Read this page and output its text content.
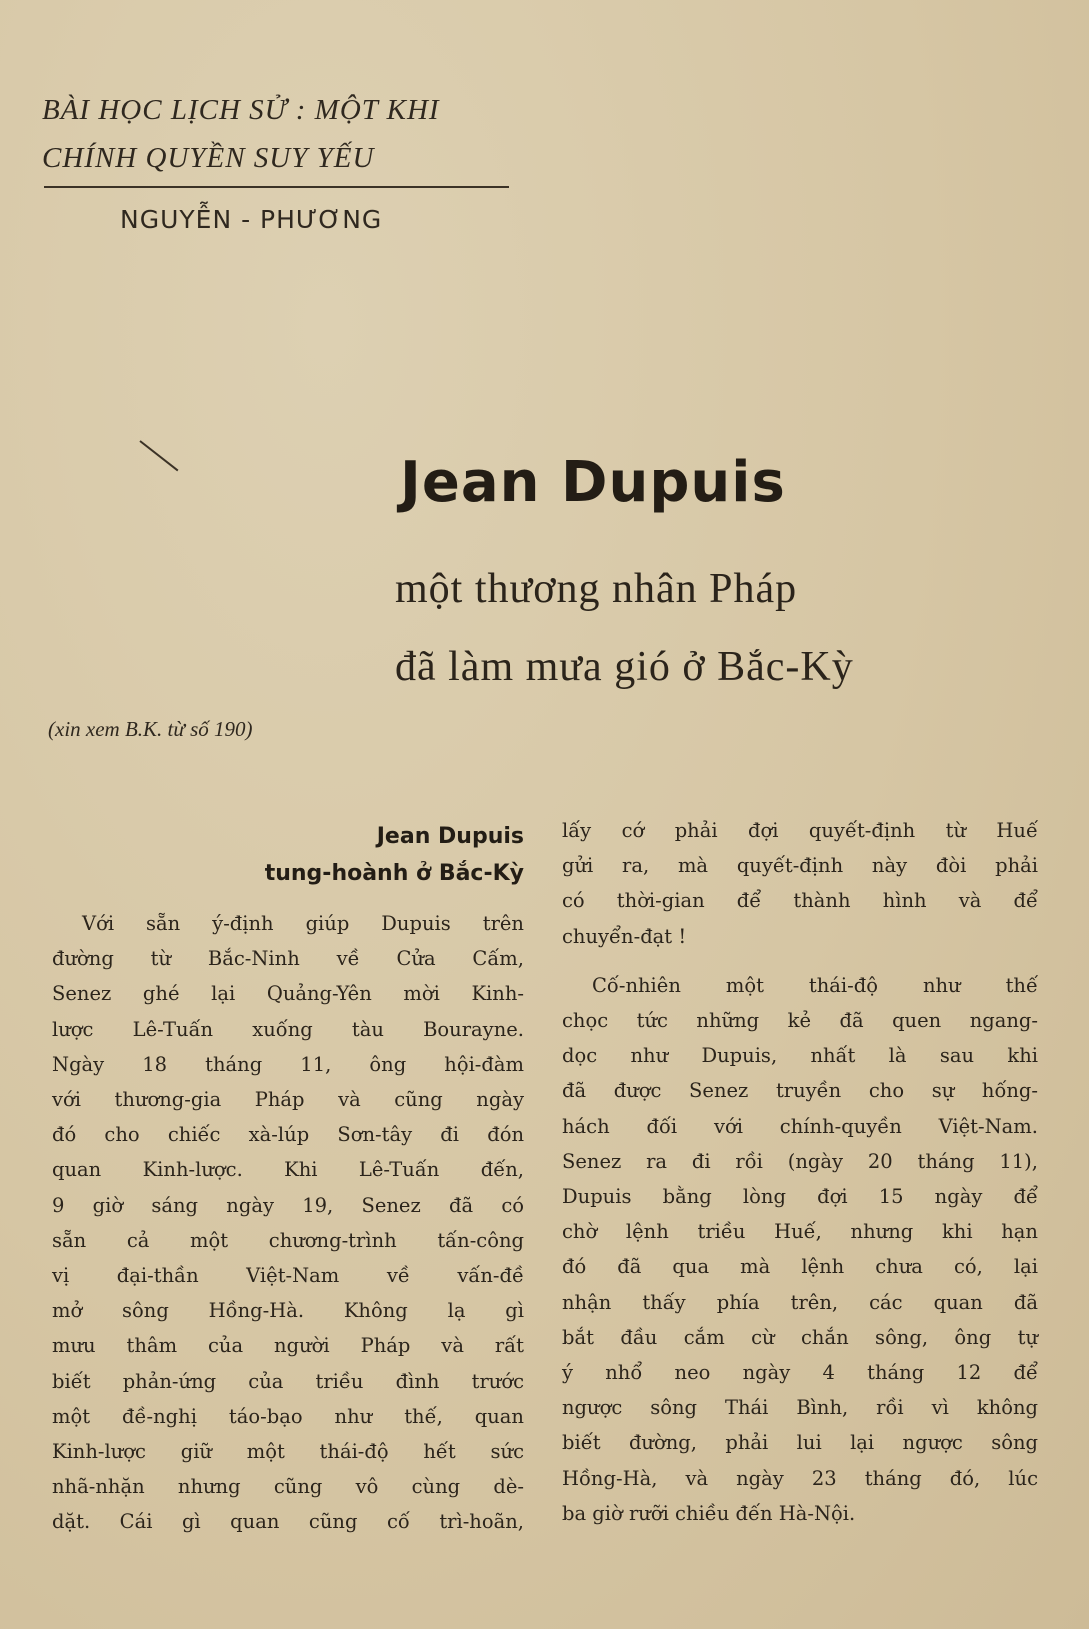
BÀI HỌC LỊCH SỬ : MỘT KHI
CHÍNH QUYỀN SUY YẾU
NGUYỄN - PHƯƠNG
Jean Dupuis
một thương nhân Pháp
đã làm mưa gió ở Bắc-Kỳ
(xin xem B.K. từ số 190)
Jean Dupuis
tung-hoành ở Bắc-Kỳ
Với sẵn ý-định giúp Dupuis trên
đường từ Bắc-Ninh về Cửa Cấm,
Senez ghé lại Quảng-Yên mời Kinh-
lược Lê-Tuấn xuống tàu Bourayne.
Ngày 18 tháng 11, ông hội-đàm
với thương-gia Pháp và cũng ngày
đó cho chiếc xà-lúp Sơn-tây đi đón
quan Kinh-lược. Khi Lê-Tuấn đến,
9 giờ sáng ngày 19, Senez đã có
sẵn cả một chương-trình tấn-công
vị đại-thần Việt-Nam về vấn-đề
mở sông Hồng-Hà. Không lạ gì
mưu thâm của người Pháp và rất
biết phản-ứng của triều đình trước
một đề-nghị táo-bạo như thế, quan
Kinh-lược giữ một thái-độ hết sức
nhã-nhặn nhưng cũng vô cùng dè-
dặt. Cái gì quan cũng cố trì-hoãn,
lấy cớ phải đợi quyết-định từ Huế
gửi ra, mà quyết-định này đòi phải
có thời-gian để thành hình và để
chuyển-đạt !
Cố-nhiên một thái-độ như thế
chọc tức những kẻ đã quen ngang-
dọc như Dupuis, nhất là sau khi
đã được Senez truyền cho sự hống-
hách đối với chính-quyền Việt-Nam.
Senez ra đi rồi (ngày 20 tháng 11),
Dupuis bằng lòng đợi 15 ngày để
chờ lệnh triều Huế, nhưng khi hạn
đó đã qua mà lệnh chưa có, lại
nhận thấy phía trên, các quan đã
bắt đầu cắm cừ chắn sông, ông tự
ý nhổ neo ngày 4 tháng 12 để
ngược sông Thái Bình, rồi vì không
biết đường, phải lui lại ngược sông
Hồng-Hà, và ngày 23 tháng đó, lúc
ba giờ rưỡi chiều đến Hà-Nội.
